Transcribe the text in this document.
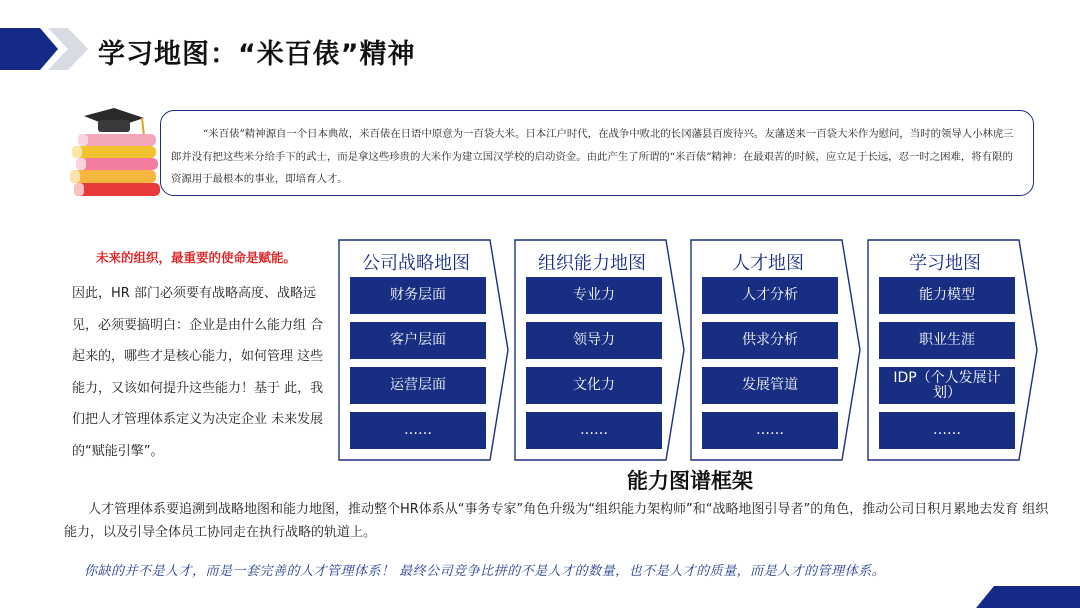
学习地图：“米百俵”精神

“米百俵”精神源自一个日本典故，米百俵在日语中原意为一百袋大米。日本江户时代，在战争中败北的长冈藩县百废待兴。友藩送来一百袋大米作为慰问，当时的领导人小林虎三郎并没有把这些米分给手下的武士，而是拿这些珍贵的大米作为建立国汉学校的启动资金。由此产生了所谓的“米百俵”精神：在最艰苦的时候，应立足于长远，忍一时之困难，将有限的资源用于最根本的事业，即培育人才。

未来的组织，最重要的使命是赋能。

因此，HR 部门必须要有战略高度、战略远 见，必须要搞明白：企业是由什么能力组 合起来的，哪些才是核心能力，如何管理 这些能力，又该如何提升这些能力！基于 此，我们把人才管理体系定义为决定企业 未来发展的“赋能引擎”。

公司战略地图

财务层面
客户层面
运营层面
……

组织能力地图

专业力
领导力
文化力
……

人才地图

人才分析
供求分析
发展管道
……

学习地图

能力模型
职业生涯
IDP（个人发展计划）
……

能力图谱框架

人才管理体系要追溯到战略地图和能力地图，推动整个HR体系从“事务专家”角色升级为“组织能力架构师”和“战略地图引导者”的角色，推动公司日积月累地去发育 组织能力，以及引导全体员工协同走在执行战略的轨道上。

你缺的并不是人才，而是一套完善的人才管理体系！ 最终公司竞争比拼的不是人才的数量，也不是人才的质量，而是人才的管理体系。
